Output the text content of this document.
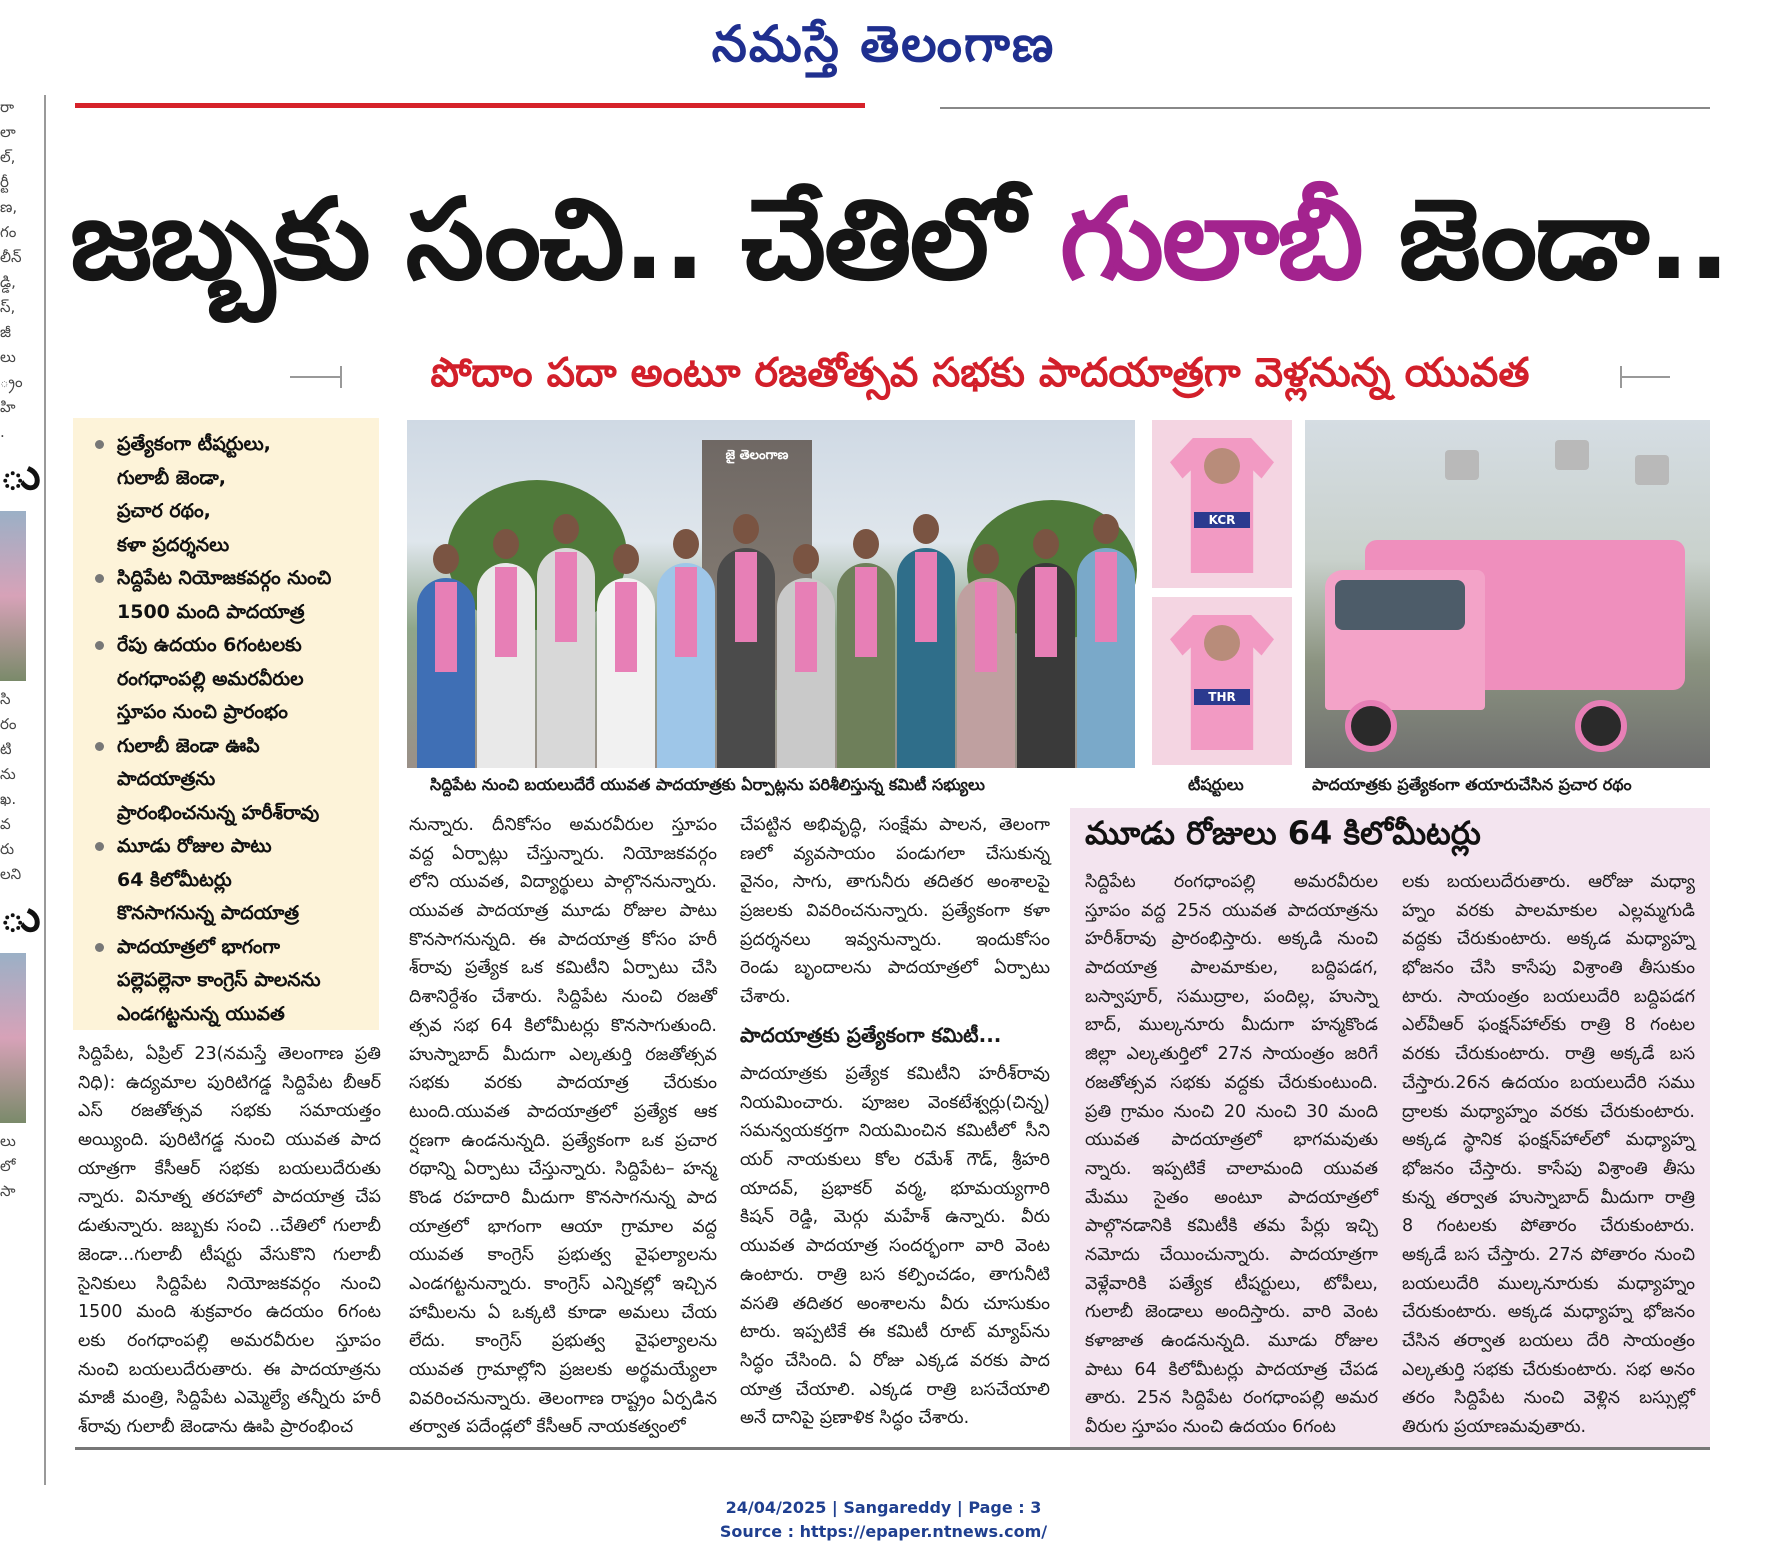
నమస్తే తెలంగాణ
రా
లా
ల్,
ర్టీ
ణ,
గం
లీన్
డ్డి,
స్,
జీ
లు
్రం
హి
.
ు
సి
రం
టి
ను
ఖ.
వ
రు
లని
ు
లు
లో
సా
జబ్బకు సంచి.. చేతిలో గులాబీ జెండా..
పోదాం పదా అంటూ రజతోత్సవ సభకు పాదయాత్రగా వెళ్లనున్న యువత
ప్రత్యేకంగా టీషర్టులు,
గులాబీ జెండా,
ప్రచార రథం,
కళా ప్రదర్శనలు
సిద్దిపేట నియోజకవర్గం నుంచి
1500 మంది పాదయాత్ర
రేపు ఉదయం 6గంటలకు
రంగధాంపల్లి అమరవీరుల
స్తూపం నుంచి ప్రారంభం
గులాబీ జెండా ఊపి
పాదయాత్రను
ప్రారంభించనున్న హరీశ్‌రావు
మూడు రోజుల పాటు
64 కిలోమీటర్లు
కొనసాగనున్న పాదయాత్ర
పాదయాత్రలో భాగంగా
పల్లెపల్లెనా కాంగ్రెస్ పాలనను
ఎండగట్టనున్న యువత
జై తెలంగాణ
సిద్దిపేట నుంచి బయలుదేరే యువత పాదయాత్రకు ఏర్పాట్లను పరిశీలిస్తున్న కమిటీ సభ్యులు
KCR
THR
టీషర్టులు	పాదయాత్రకు ప్రత్యేకంగా తయారుచేసిన ప్రచార రథం
సిద్దిపేట, ఏప్రిల్ 23(నమస్తే తెలంగాణ ప్రతి
నిధి): ఉద్యమాల పురిటిగడ్డ సిద్దిపేట బీఆర్
ఎస్ రజతోత్సవ సభకు సమాయత్తం
అయ్యింది. పురిటిగడ్డ నుంచి యువత పాద
యాత్రగా కేసీఆర్ సభకు బయలుదేరుతు
న్నారు. వినూత్న తరహాలో పాదయాత్ర చేప
డుతున్నారు. జబ్బకు సంచి ..చేతిలో గులాబీ
జెండా...గులాబీ టీషర్టు వేసుకొని గులాబీ
సైనికులు సిద్దిపేట నియోజకవర్గం నుంచి
1500 మంది శుక్రవారం ఉదయం 6గంట
లకు రంగధాంపల్లి అమరవీరుల స్తూపం
నుంచి బయలుదేరుతారు. ఈ పాదయాత్రను
మాజీ మంత్రి, సిద్దిపేట ఎమ్మెల్యే తన్నీరు హరీ
శ్‌రావు గులాబీ జెండాను ఊపి ప్రారంభించ
నున్నారు. దీనికోసం అమరవీరుల స్తూపం
వద్ద ఏర్పాట్లు చేస్తున్నారు. నియోజకవర్గం
లోని యువత, విద్యార్థులు పాల్గొననున్నారు.
యువత పాదయాత్ర మూడు రోజుల పాటు
కొనసాగనున్నది. ఈ పాదయాత్ర కోసం హరీ
శ్‌రావు ప్రత్యేక ఒక కమిటీని ఏర్పాటు చేసి
దిశానిర్దేశం చేశారు. సిద్దిపేట నుంచి రజతో
త్సవ సభ 64 కిలోమీటర్లు కొనసాగుతుంది.
హుస్నాబాద్ మీదుగా ఎల్కతుర్తి రజతోత్సవ
సభకు వరకు పాదయాత్ర చేరుకుం
టుంది.యువత పాదయాత్రలో ప్రత్యేక ఆక
ర్షణగా ఉండనున్నది. ప్రత్యేకంగా ఒక ప్రచార
రథాన్ని ఏర్పాటు చేస్తున్నారు. సిద్దిపేట– హన్మ
కొండ రహదారి మీదుగా కొనసాగనున్న పాద
యాత్రలో భాగంగా ఆయా గ్రామాల వద్ద
యువత కాంగ్రెస్ ప్రభుత్వ వైఫల్యాలను
ఎండగట్టనున్నారు. కాంగ్రెస్ ఎన్నికల్లో ఇచ్చిన
హామీలను ఏ ఒక్కటి కూడా అమలు చేయ
లేదు. కాంగ్రెస్ ప్రభుత్వ వైఫల్యాలను
యువత గ్రామాల్లోని ప్రజలకు అర్థమయ్యేలా
వివరించనున్నారు. తెలంగాణ రాష్ట్రం ఏర్పడిన
తర్వాత పదేండ్లలో కేసీఆర్ నాయకత్వంలో
చేపట్టిన అభివృద్ధి, సంక్షేమ పాలన, తెలంగా
ణలో వ్యవసాయం పండుగలా చేసుకున్న
వైనం, సాగు, తాగునీరు తదితర అంశాలపై
ప్రజలకు వివరించనున్నారు. ప్రత్యేకంగా కళా
ప్రదర్శనలు ఇవ్వనున్నారు. ఇందుకోసం
రెండు బృందాలను పాదయాత్రలో ఏర్పాటు
చేశారు.
పాదయాత్రకు ప్రత్యేకంగా కమిటీ...
పాదయాత్రకు ప్రత్యేక కమిటీని హరీశ్‌రావు
నియమించారు. పూజల వెంకటేశ్వర్లు(చిన్న)
సమన్వయకర్తగా నియమించిన కమిటీలో సీని
యర్ నాయకులు కోల రమేశ్ గౌడ్, శ్రీహరి
యాదవ్, ప్రభాకర్ వర్మ, భూమయ్యగారి
కిషన్ రెడ్డి, మెర్గు మహేశ్ ఉన్నారు. వీరు
యువత పాదయాత్ర సందర్భంగా వారి వెంట
ఉంటారు. రాత్రి బస కల్పించడం, తాగునీటి
వసతి తదితర అంశాలను వీరు చూసుకుం
టారు. ఇప్పటికే ఈ కమిటీ రూట్ మ్యాప్‌ను
సిద్ధం చేసింది. ఏ రోజు ఎక్కడ వరకు పాద
యాత్ర చేయాలి. ఎక్కడ రాత్రి బసచేయాలి
అనే దానిపై ప్రణాళిక సిద్ధం చేశారు.
మూడు రోజులు 64 కిలోమీటర్లు
సిద్దిపేట రంగధాంపల్లి అమరవీరుల
స్తూపం వద్ద 25న యువత పాదయాత్రను
హరీశ్‌రావు ప్రారంభిస్తారు. అక్కడి నుంచి
పాదయాత్ర పాలమాకుల, బద్దిపడగ,
బస్వాపూర్, సముద్రాల, పందిల్ల, హుస్నా
బాద్, ముల్కనూరు మీదుగా హన్మకొండ
జిల్లా ఎల్కతుర్తిలో 27న సాయంత్రం జరిగే
రజతోత్సవ సభకు వద్దకు చేరుకుంటుంది.
ప్రతి గ్రామం నుంచి 20 నుంచి 30 మంది
యువత పాదయాత్రలో భాగమవుతు
న్నారు. ఇప్పటికే చాలామంది యువత
మేము సైతం అంటూ పాదయాత్రలో
పాల్గొనడానికి కమిటీకి తమ పేర్లు ఇచ్చి
నమోదు చేయించున్నారు. పాదయాత్రగా
వెళ్లేవారికి పత్యేక టీషర్టులు, టోపీలు,
గులాబీ జెండాలు అందిస్తారు. వారి వెంట
కళాజాత ఉండనున్నది. మూడు రోజుల
పాటు 64 కిలోమీటర్లు పాదయాత్ర చేపడ
తారు. 25న సిద్దిపేట రంగధాంపల్లి అమర
వీరుల స్తూపం నుంచి ఉదయం 6గంట
లకు బయలుదేరుతారు. ఆరోజు మధ్యా
హ్నం వరకు పాలమాకుల ఎల్లమ్మగుడి
వద్దకు చేరుకుంటారు. అక్కడ మధ్యాహ్న
భోజనం చేసి కాసేపు విశ్రాంతి తీసుకుం
టారు. సాయంత్రం బయలుదేరి బద్దిపడగ
ఎల్‌వీఆర్ ఫంక్షన్‌హాల్‌కు రాత్రి 8 గంటల
వరకు చేరుకుంటారు. రాత్రి అక్కడే బస
చేస్తారు.26న ఉదయం బయలుదేరి సము
ద్రాలకు మధ్యాహ్నం వరకు చేరుకుంటారు.
అక్కడ స్థానిక ఫంక్షన్‌హాల్‌లో మధ్యాహ్న
భోజనం చేస్తారు. కాసేపు విశ్రాంతి తీసు
కున్న తర్వాత హుస్నాబాద్ మీదుగా రాత్రి
8 గంటలకు పోతారం చేరుకుంటారు.
అక్కడే బస చేస్తారు. 27న పోతారం నుంచి
బయలుదేరి ముల్కనూరుకు మధ్యాహ్నం
చేరుకుంటారు. అక్కడ మధ్యాహ్న భోజనం
చేసిన తర్వాత బయలు దేరి సాయంత్రం
ఎల్కతుర్తి సభకు చేరుకుంటారు. సభ అనం
తరం సిద్దిపేట నుంచి వెళ్లిన బస్సుల్లో
తిరుగు ప్రయాణమవుతారు.
24/04/2025 | Sangareddy | Page : 3
Source : https://epaper.ntnews.com/
